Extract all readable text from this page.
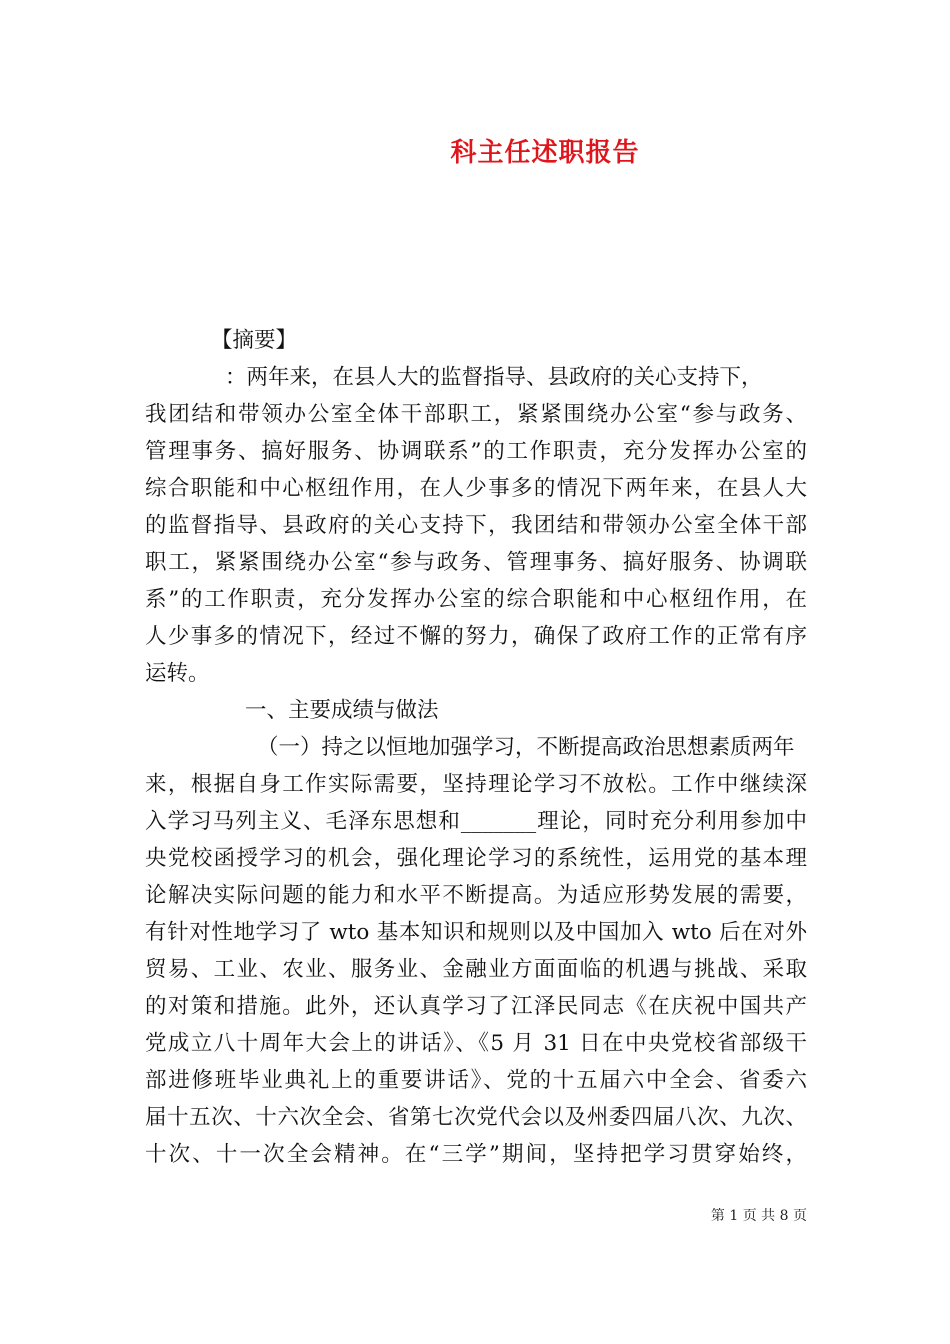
科主任述职报告
【摘要】
：两年来，在县人大的监督指导、县政府的关心支持下，
我团结和带领办公室全体干部职工，紧紧围绕办公室“参与政务、
管理事务、搞好服务、协调联系”的工作职责，充分发挥办公室的
综合职能和中心枢纽作用，在人少事多的情况下两年来，在县人大
的监督指导、县政府的关心支持下，我团结和带领办公室全体干部
职工，紧紧围绕办公室“参与政务、管理事务、搞好服务、协调联
系”的工作职责，充分发挥办公室的综合职能和中心枢纽作用，在
人少事多的情况下，经过不懈的努力，确保了政府工作的正常有序
运转。
一、主要成绩与做法
（一）持之以恒地加强学习，不断提高政治思想素质两年
来，根据自身工作实际需要，坚持理论学习不放松。工作中继续深
入学习马列主义、毛泽东思想和_______理论，同时充分利用参加中
央党校函授学习的机会，强化理论学习的系统性，运用党的基本理
论解决实际问题的能力和水平不断提高。为适应形势发展的需要，
有针对性地学习了 wto 基本知识和规则以及中国加入 wto 后在对外
贸易、工业、农业、服务业、金融业方面面临的机遇与挑战、采取
的对策和措施。此外，还认真学习了江泽民同志《在庆祝中国共产
党成立八十周年大会上的讲话》、《5 月 31 日在中央党校省部级干
部进修班毕业典礼上的重要讲话》、党的十五届六中全会、省委六
届十五次、十六次全会、省第七次党代会以及州委四届八次、九次、
十次、十一次全会精神。在“三学”期间，坚持把学习贯穿始终，
第 1 页 共 8 页
